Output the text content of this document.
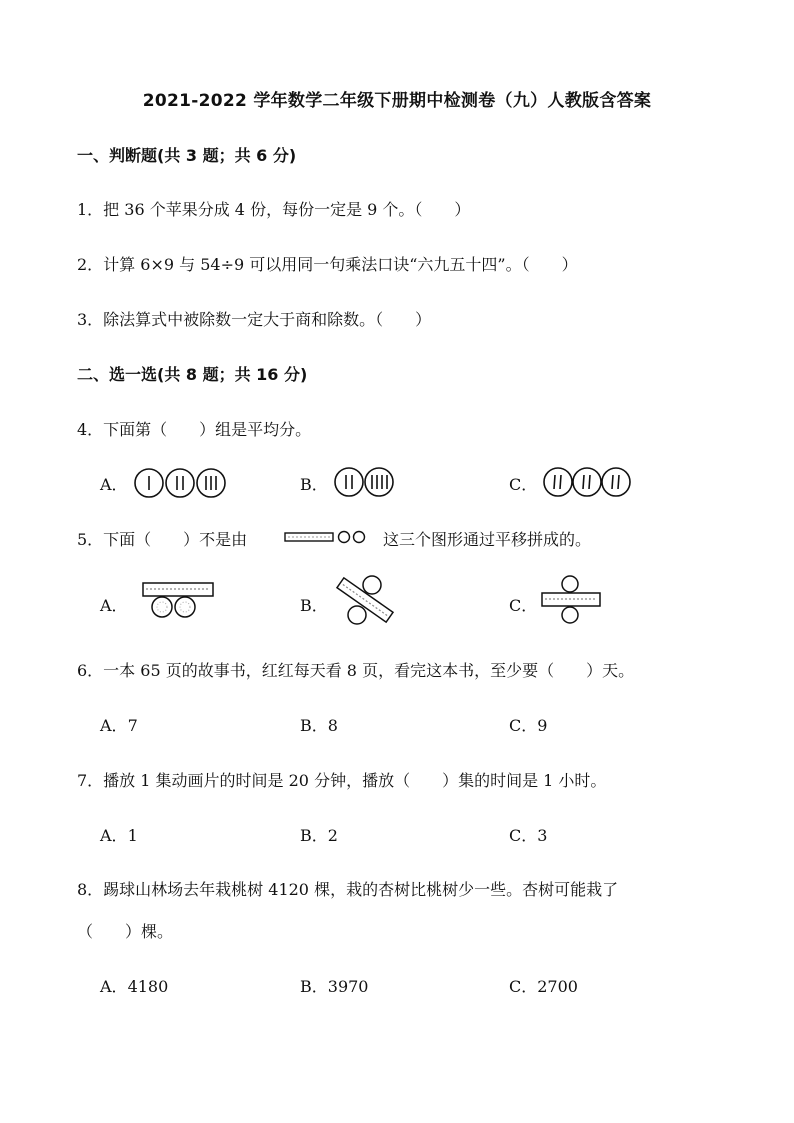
2021-2022 学年数学二年级下册期中检测卷（九）人教版含答案
一、判断题(共 3 题；共 6 分)
1．把 36 个苹果分成 4 份，每份一定是 9 个。（　　）
2．计算 6×9 与 54÷9 可以用同一句乘法口诀“六九五十四”。（　　）
3．除法算式中被除数一定大于商和除数。（　　）
二、选一选(共 8 题；共 16 分)
4．下面第（　　）组是平均分。
A．	B．	C．
5．下面（　　）不是由	这三个图形通过平移拼成的。
A．	B．	C．
6．一本 65 页的故事书，红红每天看 8 页，看完这本书，至少要（　　）天。
A．7	B．8	C．9
7．播放 1 集动画片的时间是 20 分钟，播放（　　）集的时间是 1 小时。
A．1	B．2	C．3
8．踢球山林场去年栽桃树 4120 棵，栽的杏树比桃树少一些。杏树可能栽了
（　　）棵。
A．4180	B．3970	C．2700
